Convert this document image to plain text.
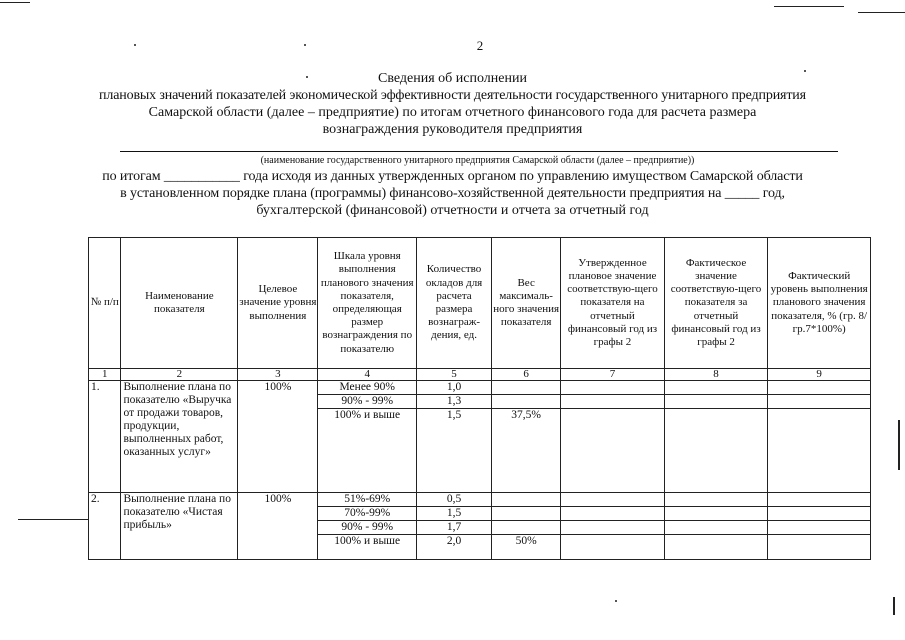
2
Сведения об исполнении
плановых значений показателей экономической эффективности деятельности государственного унитарного предприятия
Самарской области (далее – предприятие) по итогам отчетного финансового года для расчета размера
вознаграждения руководителя предприятия
(наименование государственного унитарного предприятия Самарской области (далее – предприятие))
по итогам ___________ года исходя из данных утвержденных органом по управлению имуществом Самарской области
в установленном порядке плана (программы) финансово-хозяйственной деятельности предприятия на _____ год,
бухгалтерской (финансовой) отчетности и отчета за отчетный год
№ п/п	Наименование показателя	Целевое значение уровня выполнения	Шкала уровня выполнения планового значения показателя, определяющая размер вознаграждения по показателю	Количество окладов для расчета размера вознаграж-дения, ед.	Вес максималь-ного значения показателя	Утвержденное плановое значение соответствую-щего показателя на отчетный финансовый год из графы 2	Фактическое значение соответствую-щего показателя за отчетный финансовый год из графы 2	Фактический уровень выполнения планового значения показателя, % (гр. 8/гр.7*100%)
1	2	3	4	5	6	7	8	9
1.	Выполнение плана по показателю «Выручка от продажи товаров, продукции, выполненных работ, оказанных услуг»	100%	Менее 90%	1,0				
			90% - 99%	1,3				
			100% и выше	1,5	37,5%			
2.	Выполнение плана по показателю «Чистая прибыль»	100%	51%-69%	0,5				
			70%-99%	1,5				
			90% - 99%	1,7				
			100% и выше	2,0	50%			
